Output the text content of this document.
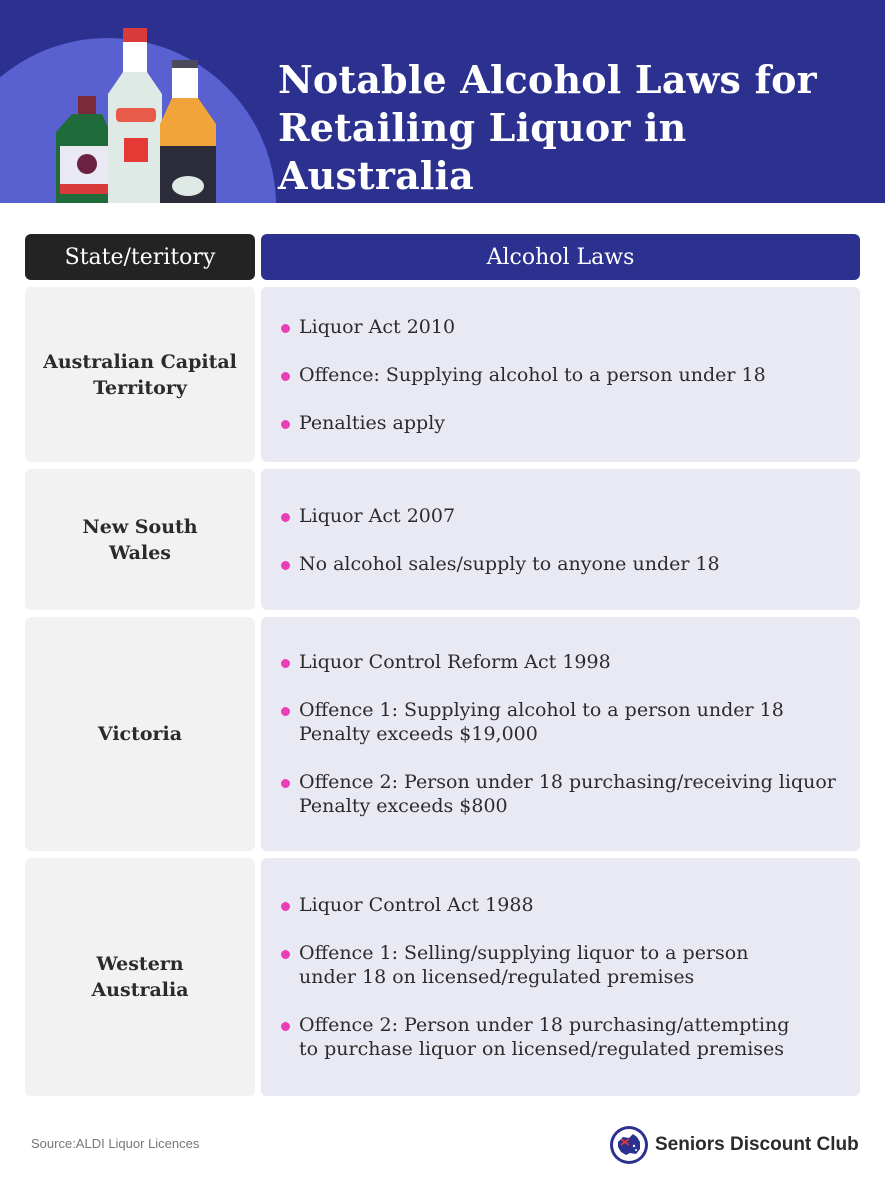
Notable Alcohol Laws for
Retailing Liquor in Australia
State/teritory	Alcohol Laws
Australian Capital
Territory
Liquor Act 2010
Offence: Supplying alcohol to a person under 18
Penalties apply
New South
Wales
Liquor Act 2007
No alcohol sales/supply to anyone under 18
Victoria
Liquor Control Reform Act 1998
Offence 1: Supplying alcohol to a person under 18
Penalty exceeds $19,000
Offence 2: Person under 18 purchasing/receiving liquor
Penalty exceeds $800
Western
Australia
Liquor Control Act 1988
Offence 1: Selling/supplying liquor to a person
under 18 on licensed/regulated premises
Offence 2: Person under 18 purchasing/attempting
to purchase liquor on licensed/regulated premises
Source:ALDI Liquor Licences	Seniors Discount Club
